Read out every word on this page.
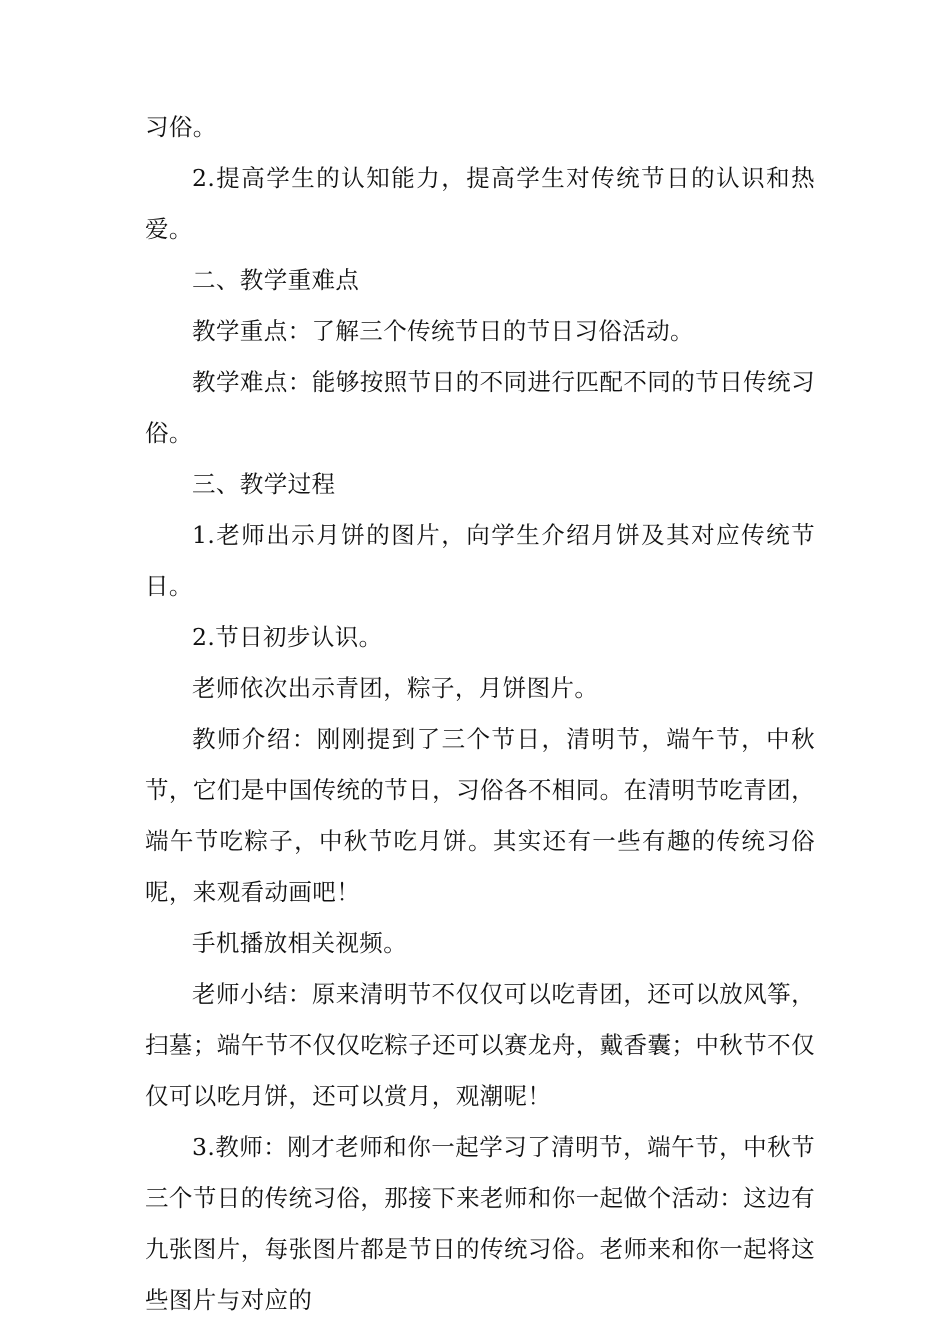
习俗。

2.提高学生的认知能力，提高学生对传统节日的认识和热爱。

二、教学重难点

教学重点：了解三个传统节日的节日习俗活动。

教学难点：能够按照节日的不同进行匹配不同的节日传统习俗。

三、教学过程

1.老师出示月饼的图片，向学生介绍月饼及其对应传统节日。

2.节日初步认识。

老师依次出示青团，粽子，月饼图片。

教师介绍：刚刚提到了三个节日，清明节，端午节，中秋节，它们是中国传统的节日，习俗各不相同。在清明节吃青团，端午节吃粽子，中秋节吃月饼。其实还有一些有趣的传统习俗呢，来观看动画吧！

手机播放相关视频。

老师小结：原来清明节不仅仅可以吃青团，还可以放风筝，扫墓；端午节不仅仅吃粽子还可以赛龙舟，戴香囊；中秋节不仅仅可以吃月饼，还可以赏月，观潮呢！

3.教师：刚才老师和你一起学习了清明节，端午节，中秋节三个节日的传统习俗，那接下来老师和你一起做个活动：这边有九张图片，每张图片都是节日的传统习俗。老师来和你一起将这些图片与对应的
